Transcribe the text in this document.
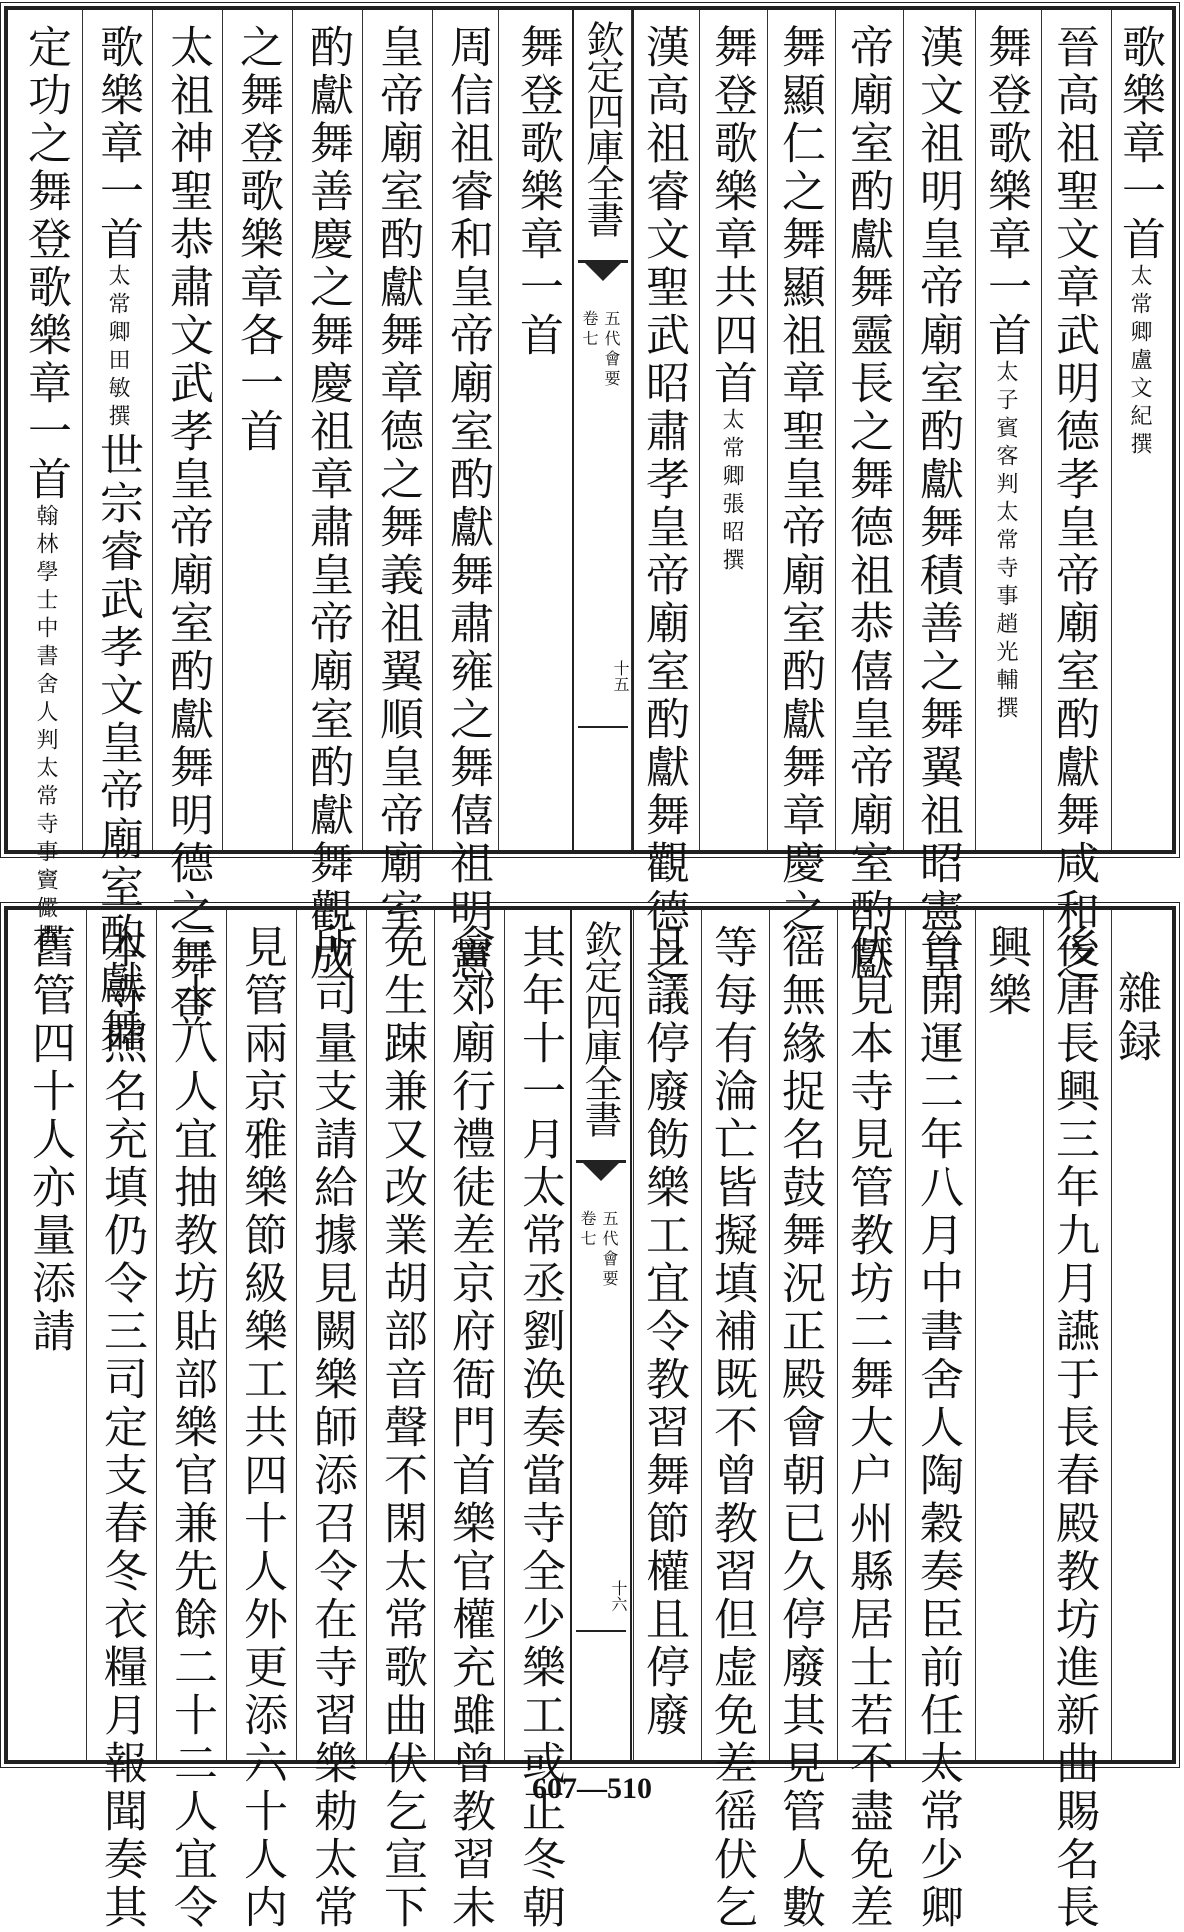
歌樂章一首太常卿盧文紀撰
晉高祖聖文章武明德孝皇帝廟室酌獻舞咸和之
舞登歌樂章一首太子賓客判太常寺事趙光輔撰
漢文祖明皇帝廟室酌獻舞積善之舞翼祖昭憲皇
帝廟室酌獻舞靈長之舞德祖恭僖皇帝廟室酌獻
舞顯仁之舞顯祖章聖皇帝廟室酌獻舞章慶之
舞登歌樂章共四首太常卿張昭撰
漢高祖睿文聖武昭肅孝皇帝廟室酌獻舞觀德之
欽定四庫全書
五代會要
卷七
十五
舞登歌樂章一首
周信祖睿和皇帝廟室酌獻舞肅雍之舞僖祖明憲
皇帝廟室酌獻舞章德之舞義祖翼順皇帝廟室
酌獻舞善慶之舞慶祖章肅皇帝廟室酌獻舞觀成
之舞登歌樂章各一首
太祖神聖恭肅文武孝皇帝廟室酌獻舞明德之舞登
歌樂章一首太常卿田敏撰世宗睿武孝文皇帝廟室酌獻舞
定功之舞登歌樂章一首翰林學士中書舍人判太常寺事竇儼撰
雜録
後唐長興三年九月讌于長春殿教坊進新曲賜名長
興樂
晉開運二年八月中書舍人陶穀奏臣前任太常少卿
伏見本寺見管教坊二舞大户州縣居士若不盡免差
徭無緣捉名鼓舞況正殿會朝已久停廢其見管人數
等每有淪亡皆擬填補既不曾教習但虚免差徭伏乞
且議停廢飭樂工宜令教習舞節權且停廢
欽定四庫全書
五代會要
卷七
十六
其年十一月太常丞劉涣奏當寺全少樂工或正冬朝
會郊廟行禮徒差京府衙門首樂官權充雖曾教習未
免生踈兼又改業胡部音聲不閑太常歌曲伏乞宣下
所司量支請給據見闕樂師添召令在寺習樂勅太常
見管兩京雅樂節級樂工共四十人外更添六十人内
三十八人宜抽教坊貼部樂官兼先餘二十二人宜令
本寺照名充填仍令三司定支春冬衣糧月報聞奏其
舊管四十人亦量添請
607—510
